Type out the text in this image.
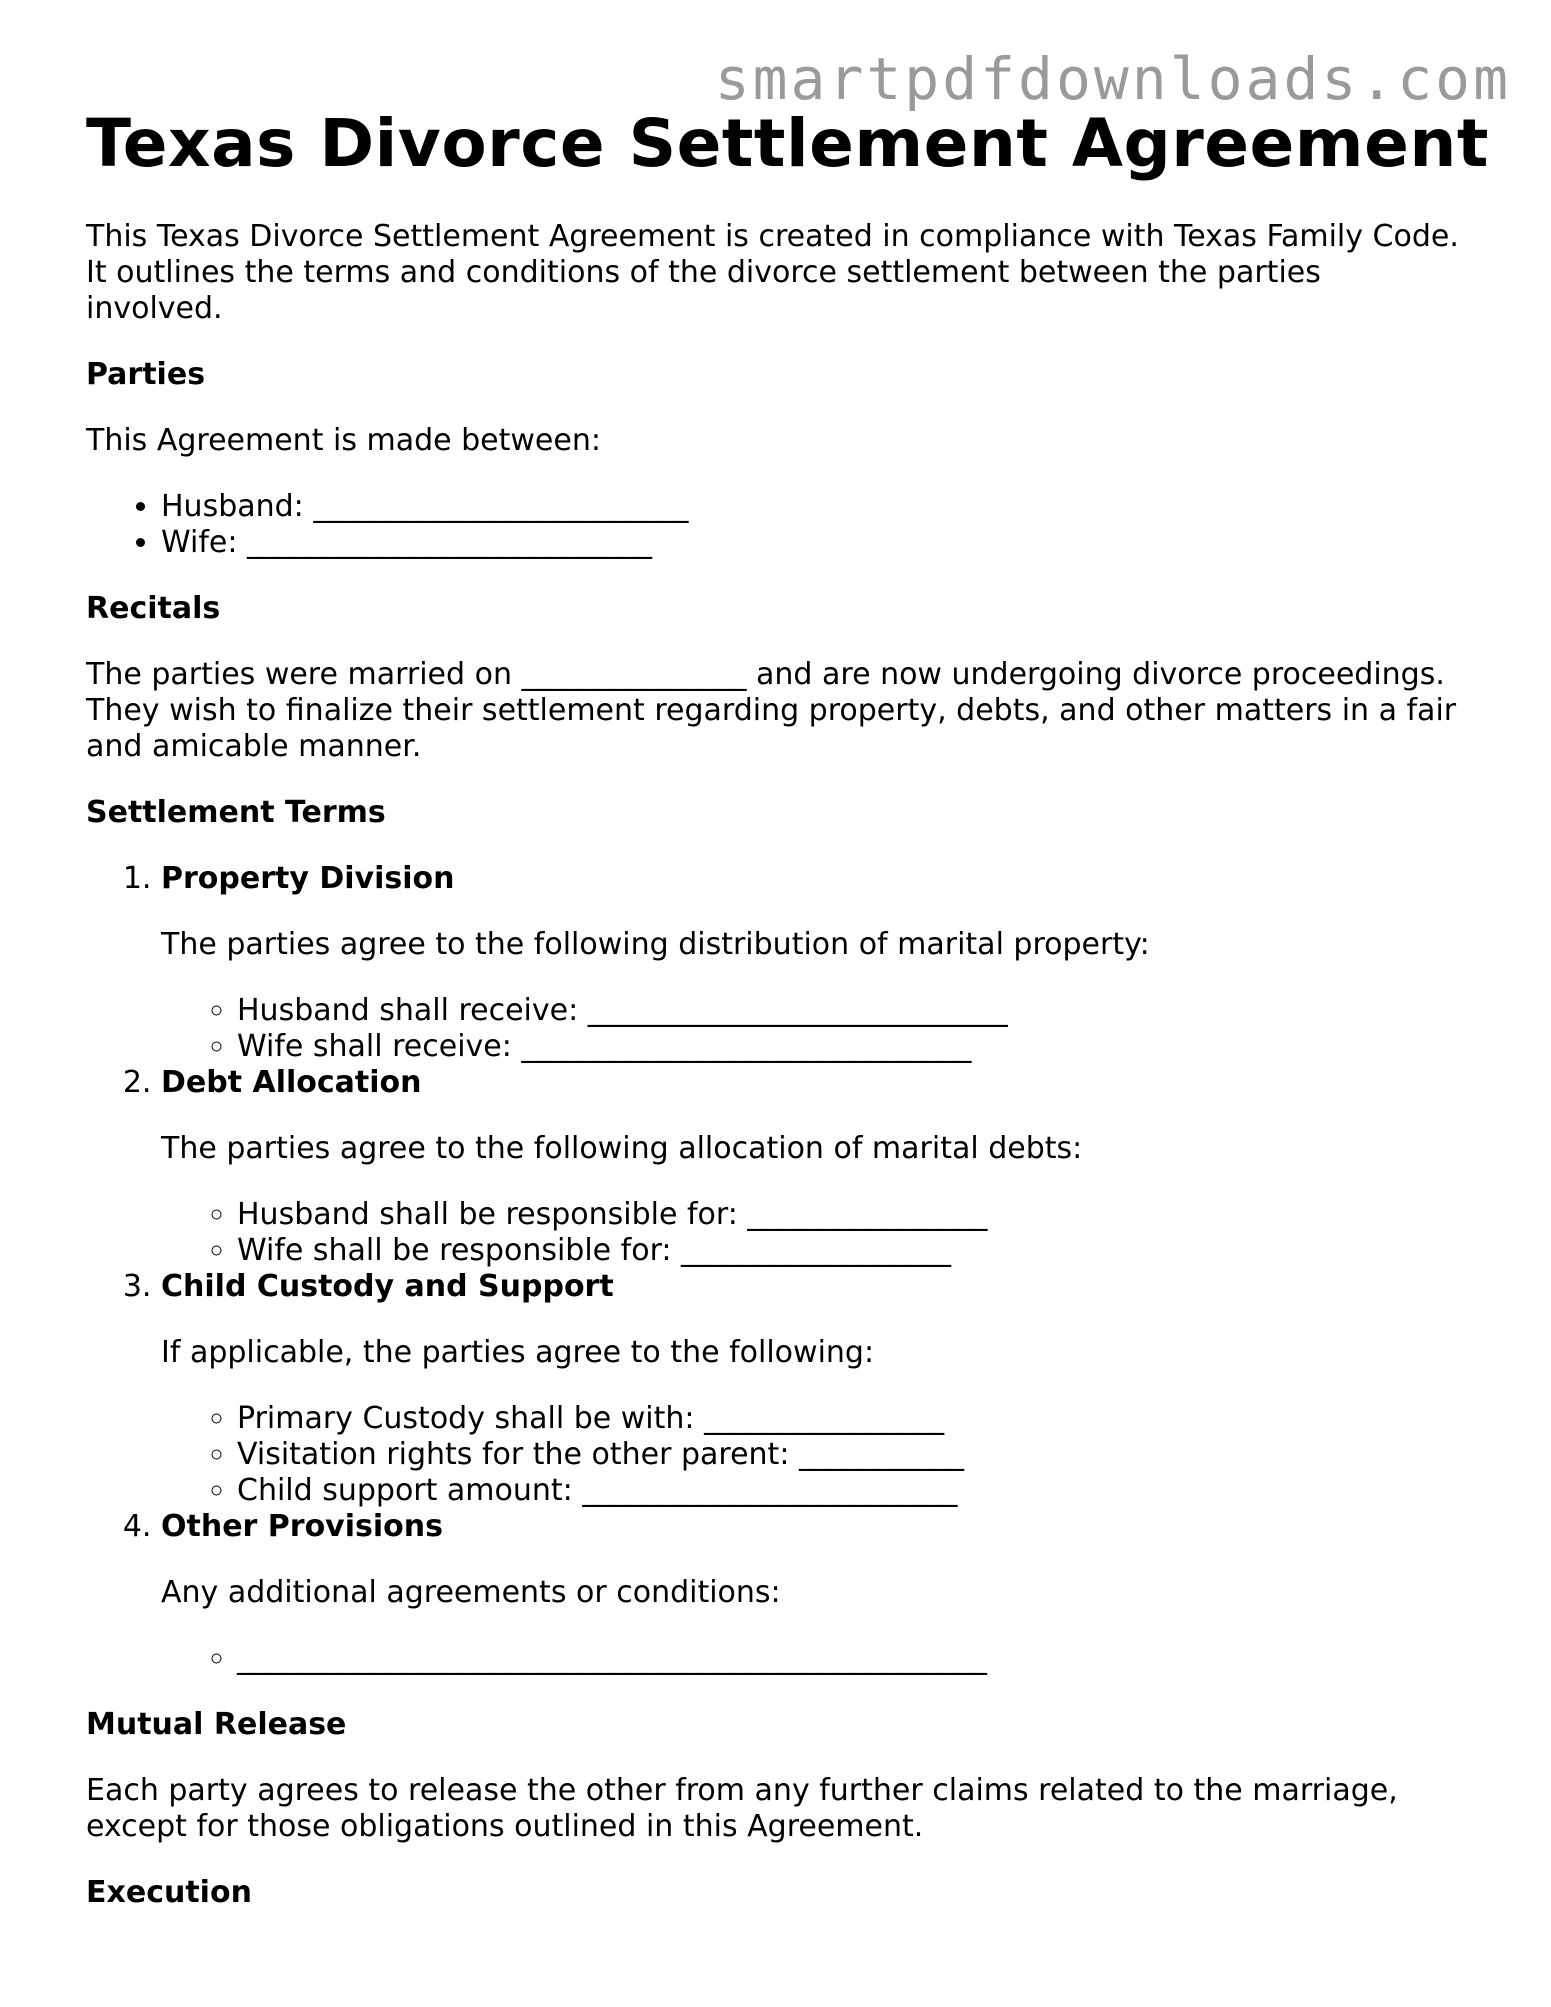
smartpdfdownloads.com
Texas Divorce Settlement Agreement

This Texas Divorce Settlement Agreement is created in compliance with Texas Family Code. It outlines the terms and conditions of the divorce settlement between the parties involved.

Parties

This Agreement is made between:

• Husband: _________________________
• Wife: ___________________________

Recitals

The parties were married on _______________ and are now undergoing divorce proceedings. They wish to finalize their settlement regarding property, debts, and other matters in a fair and amicable manner.

Settlement Terms

1. Property Division
The parties agree to the following distribution of marital property:
◦ Husband shall receive: ____________________________
◦ Wife shall receive: ______________________________
2. Debt Allocation
The parties agree to the following allocation of marital debts:
◦ Husband shall be responsible for: ________________
◦ Wife shall be responsible for: __________________
3. Child Custody and Support
If applicable, the parties agree to the following:
◦ Primary Custody shall be with: ________________
◦ Visitation rights for the other parent: ___________
◦ Child support amount: _________________________
4. Other Provisions
Any additional agreements or conditions:
◦ __________________________________________________

Mutual Release

Each party agrees to release the other from any further claims related to the marriage, except for those obligations outlined in this Agreement.

Execution
